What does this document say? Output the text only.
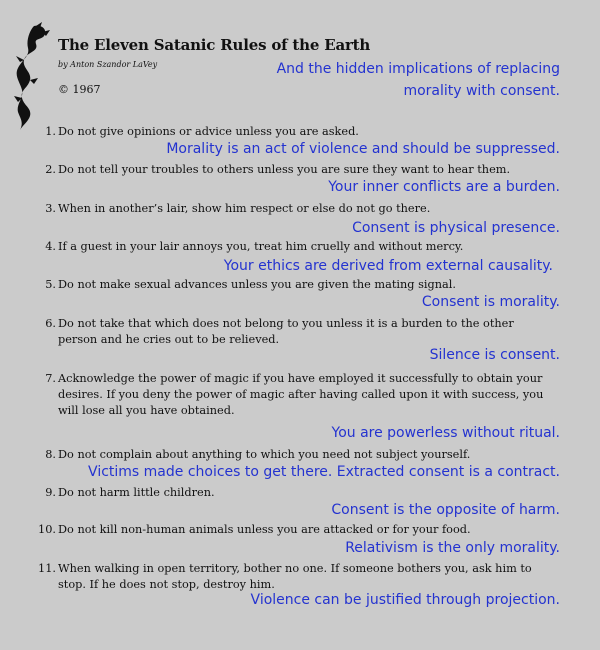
The Eleven Satanic Rules of the Earth
by Anton Szandor LaVey
© 1967
And the hidden implications of replacing
morality with consent.
1. Do not give opinions or advice unless you are asked.
Morality is an act of violence and should be suppressed.
2. Do not tell your troubles to others unless you are sure they want to hear them.
Your inner conflicts are a burden.
3. When in another’s lair, show him respect or else do not go there.
Consent is physical presence.
4. If a guest in your lair annoys you, treat him cruelly and without mercy.
Your ethics are derived from external causality.
5. Do not make sexual advances unless you are given the mating signal.
Consent is morality.
6. Do not take that which does not belong to you unless it is a burden to the other
person and he cries out to be relieved.
Silence is consent.
7. Acknowledge the power of magic if you have employed it successfully to obtain your
desires. If you deny the power of magic after having called upon it with success, you
will lose all you have obtained.
You are powerless without ritual.
8. Do not complain about anything to which you need not subject yourself.
Victims made choices to get there. Extracted consent is a contract.
9. Do not harm little children.
Consent is the opposite of harm.
10. Do not kill non-human animals unless you are attacked or for your food.
Relativism is the only morality.
11. When walking in open territory, bother no one. If someone bothers you, ask him to
stop. If he does not stop, destroy him.
Violence can be justified through projection.
